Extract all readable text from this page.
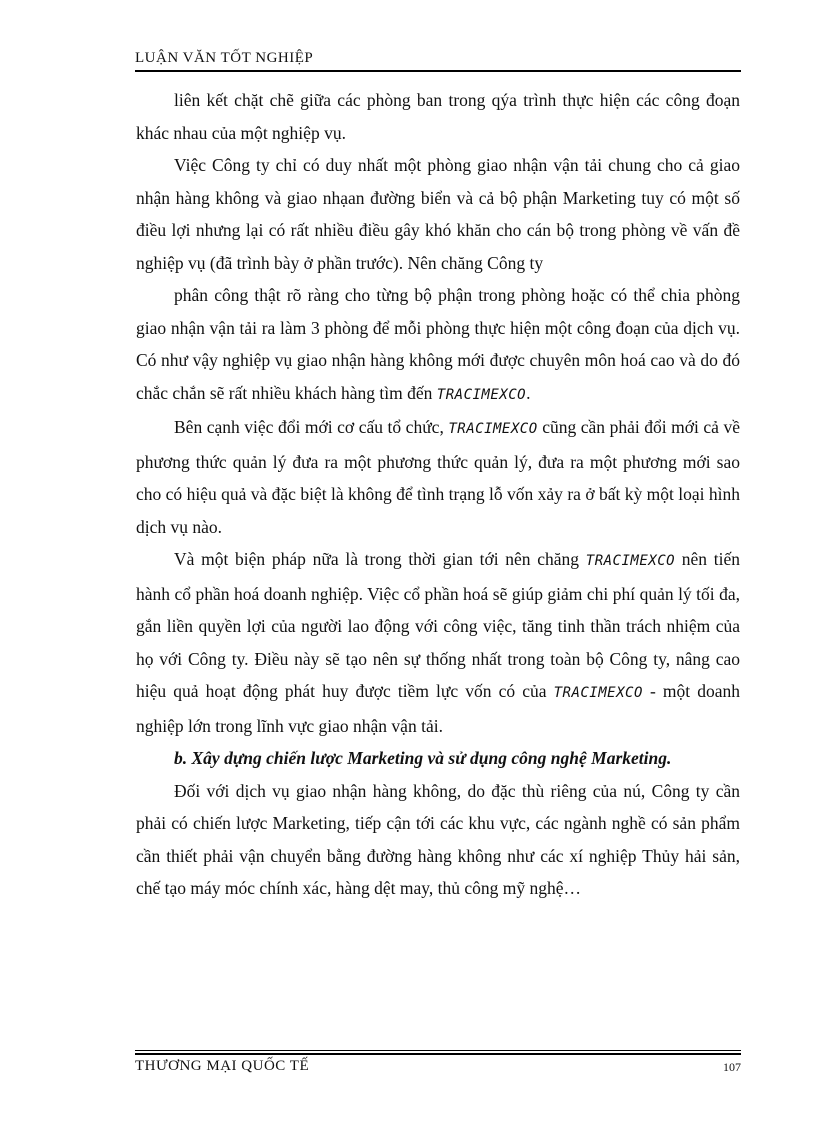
LUẬN VĂN TỐT NGHIỆP

liên kết chặt chẽ giữa các phòng ban trong qýa trình thực hiện các công đoạn khác nhau của một nghiệp vụ.

Việc Công ty chỉ có duy nhất một phòng giao nhận vận tải chung cho cả giao nhận hàng không và giao nhạan đường biển và cả bộ phận Marketing tuy có một số điều lợi nhưng lại có rất nhiều điều gây khó khăn cho cán bộ trong phòng về vấn đề nghiệp vụ (đã trình bày ở phần trước). Nên chăng Công ty

phân công thật rõ ràng cho từng bộ phận trong phòng hoặc có thể chia phòng giao nhận vận tải ra làm 3 phòng để mỗi phòng thực hiện một công đoạn của dịch vụ. Có như vậy nghiệp vụ giao nhận hàng không mới được chuyên môn hoá cao và do đó chắc chắn sẽ rất nhiều khách hàng tìm đến TRACIMEXCO.

Bên cạnh việc đổi mới cơ cấu tổ chức, TRACIMEXCO cũng cần phải đổi mới cả về phương thức quản lý đưa ra một phương thức quản lý, đưa ra một phương mới sao cho có hiệu quả và đặc biệt là không để tình trạng lỗ vốn xảy ra ở bất kỳ một loại hình dịch vụ nào.

Và một biện pháp nữa là trong thời gian tới nên chăng TRACIMEXCO nên tiến hành cổ phần hoá doanh nghiệp. Việc cổ phần hoá sẽ giúp giảm chi phí quản lý tối đa, gắn liền quyền lợi của người lao động với công việc, tăng tinh thần trách nhiệm của họ với Công ty. Điều này sẽ tạo nên sự thống nhất trong toàn bộ Công ty, nâng cao hiệu quả hoạt động phát huy được tiềm lực vốn có của TRACIMEXCO - một doanh nghiệp lớn trong lĩnh vực giao nhận vận tải.

b. Xây dựng chiến lược Marketing và sử dụng công nghệ Marketing.

Đối với dịch vụ giao nhận hàng không, do đặc thù riêng của nú, Công ty cần phải có chiến lược Marketing, tiếp cận tới các khu vực, các ngành nghề có sản phẩm cần thiết phải vận chuyển bằng đường hàng không như các xí nghiệp Thủy hải sản, chế tạo máy móc chính xác, hàng dệt may, thủ công mỹ nghệ…

THƯƠNG MẠI QUỐC TẾ	107
